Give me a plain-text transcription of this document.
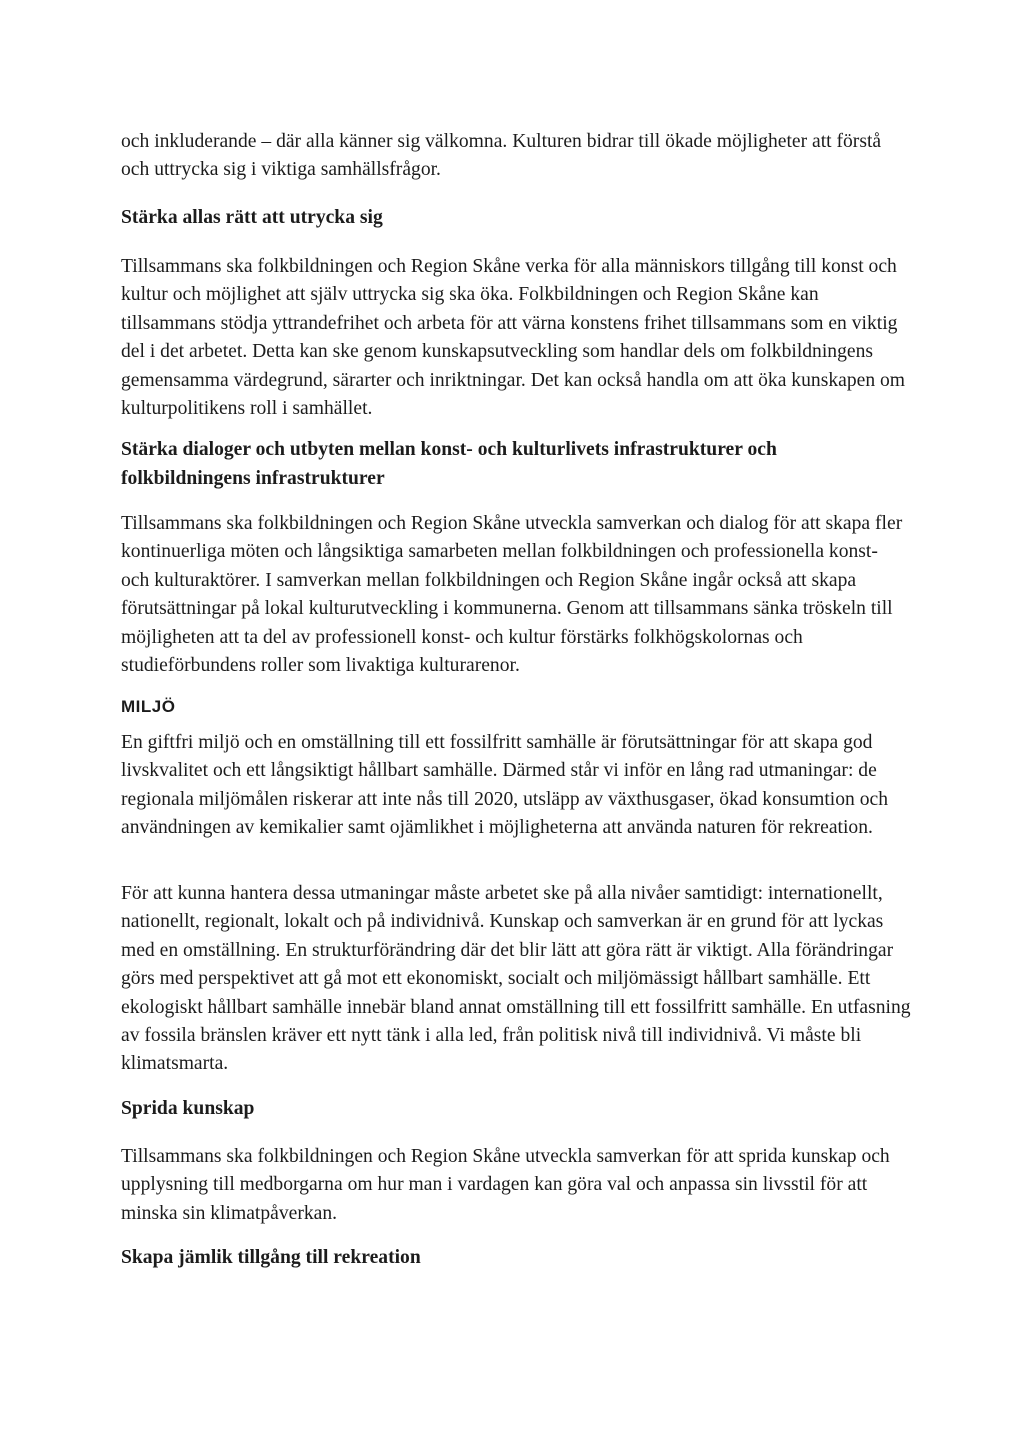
och inkluderande – där alla känner sig välkomna. Kulturen bidrar till ökade möjligheter att förstå och uttrycka sig i viktiga samhällsfrågor.

Stärka allas rätt att utrycka sig

Tillsammans ska folkbildningen och Region Skåne verka för alla människors tillgång till konst och kultur och möjlighet att själv uttrycka sig ska öka. Folkbildningen och Region Skåne kan tillsammans stödja yttrandefrihet och arbeta för att värna konstens frihet tillsammans som en viktig del i det arbetet. Detta kan ske genom kunskapsutveckling som handlar dels om folkbildningens gemensamma värdegrund, särarter och inriktningar. Det kan också handla om att öka kunskapen om kulturpolitikens roll i samhället.

Stärka dialoger och utbyten mellan konst- och kulturlivets infrastrukturer och folkbildningens infrastrukturer

Tillsammans ska folkbildningen och Region Skåne utveckla samverkan och dialog för att skapa fler kontinuerliga möten och långsiktiga samarbeten mellan folkbildningen och professionella konst- och kulturaktörer. I samverkan mellan folkbildningen och Region Skåne ingår också att skapa förutsättningar på lokal kulturutveckling i kommunerna. Genom att tillsammans sänka tröskeln till möjligheten att ta del av professionell konst- och kultur förstärks folkhögskolornas och studieförbundens roller som livaktiga kulturarenor.

MILJÖ

En giftfri miljö och en omställning till ett fossilfritt samhälle är förutsättningar för att skapa god livskvalitet och ett långsiktigt hållbart samhälle. Därmed står vi inför en lång rad utmaningar: de regionala miljömålen riskerar att inte nås till 2020, utsläpp av växthusgaser, ökad konsumtion och användningen av kemikalier samt ojämlikhet i möjligheterna att använda naturen för rekreation.

För att kunna hantera dessa utmaningar måste arbetet ske på alla nivåer samtidigt: internationellt, nationellt, regionalt, lokalt och på individnivå. Kunskap och samverkan är en grund för att lyckas med en omställning. En strukturförändring där det blir lätt att göra rätt är viktigt. Alla förändringar görs med perspektivet att gå mot ett ekonomiskt, socialt och miljömässigt hållbart samhälle. Ett ekologiskt hållbart samhälle innebär bland annat omställning till ett fossilfritt samhälle. En utfasning av fossila bränslen kräver ett nytt tänk i alla led, från politisk nivå till individnivå. Vi måste bli klimatsmarta.

Sprida kunskap

Tillsammans ska folkbildningen och Region Skåne utveckla samverkan för att sprida kunskap och upplysning till medborgarna om hur man i vardagen kan göra val och anpassa sin livsstil för att minska sin klimatpåverkan.

Skapa jämlik tillgång till rekreation
